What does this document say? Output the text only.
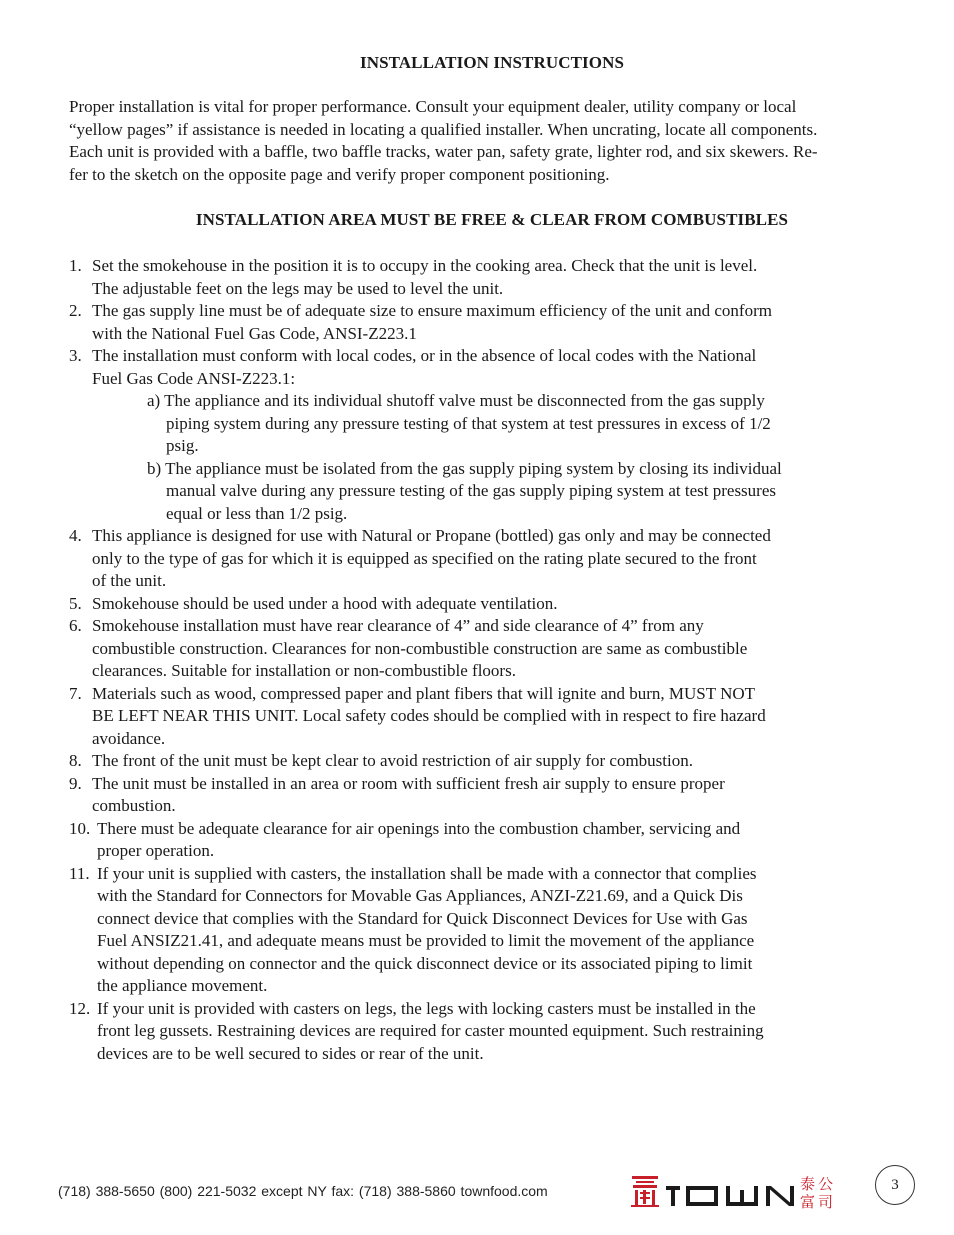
INSTALLATION INSTRUCTIONS
Proper installation is vital for proper performance. Consult your equipment dealer, utility company or local
“yellow pages” if assistance is needed in locating a qualified installer. When uncrating, locate all components.
Each unit is provided with a baffle, two baffle tracks, water pan, safety grate, lighter rod, and six skewers. Re-
fer to the sketch on the opposite page and verify proper component positioning.
INSTALLATION AREA MUST BE FREE & CLEAR FROM COMBUSTIBLES
1. Set the smokehouse in the position it is to occupy in the cooking area. Check that the unit is level.
The adjustable feet on the legs may be used to level the unit.
2. The gas supply line must be of adequate size to ensure maximum efficiency of the unit and conform
with the National Fuel Gas Code, ANSI-Z223.1
3. The installation must conform with local codes, or in the absence of local codes with the National
Fuel Gas Code ANSI-Z223.1:
a) The appliance and its individual shutoff valve must be disconnected from the gas supply
piping system during any pressure testing of that system at test pressures in excess of 1/2
psig.
b) The appliance must be isolated from the gas supply piping system by closing its individual
manual valve during any pressure testing of the gas supply piping system at test pressures
equal or less than 1/2 psig.
4. This appliance is designed for use with Natural or Propane (bottled) gas only and may be connected
only to the type of gas for which it is equipped as specified on the rating plate secured to the front
of the unit.
5. Smokehouse should be used under a hood with adequate ventilation.
6. Smokehouse installation must have rear clearance of 4” and side clearance of 4” from any
combustible construction. Clearances for non-combustible construction are same as combustible
clearances. Suitable for installation or non-combustible floors.
7. Materials such as wood, compressed paper and plant fibers that will ignite and burn, MUST NOT
BE LEFT NEAR THIS UNIT. Local safety codes should be complied with in respect to fire hazard
avoidance.
8. The front of the unit must be kept clear to avoid restriction of air supply for combustion.
9. The unit must be installed in an area or room with sufficient fresh air supply to ensure proper
combustion.
10. There must be adequate clearance for air openings into the combustion chamber, servicing and
proper operation.
11. If your unit is supplied with casters, the installation shall be made with a connector that complies
with the Standard for Connectors for Movable Gas Appliances, ANZI-Z21.69, and a Quick Dis
connect device that complies with the Standard for Quick Disconnect Devices for Use with Gas
Fuel ANSIZ21.41, and adequate means must be provided to limit the movement of the appliance
without depending on connector and the quick disconnect device or its associated piping to limit
the appliance movement.
12. If your unit is provided with casters on legs, the legs with locking casters must be installed in the
front leg gussets. Restraining devices are required for caster mounted equipment. Such restraining
devices are to be well secured to sides or rear of the unit.
(718) 388-5650 (800) 221-5032 except NY fax: (718) 388-5860 townfood.com	泰 公
富 司
3
